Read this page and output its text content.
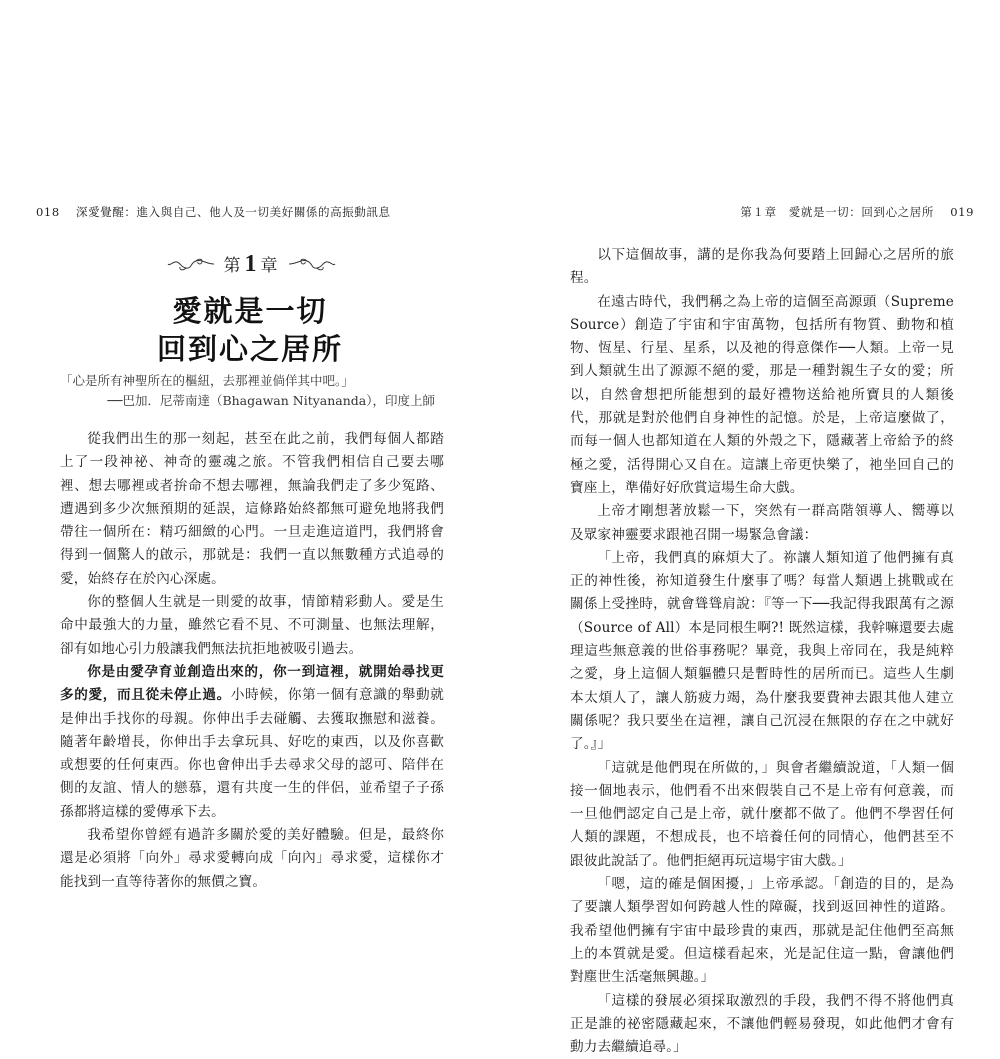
018 深愛覺醒：進入與自己、他人及一切美好關係的高振動訊息
第 1 章
愛就是一切
回到心之居所
「心是所有神聖所在的樞紐，去那裡並倘佯其中吧。」
──巴加．尼蒂南達（Bhagawan Nityananda），印度上師

從我們出生的那一刻起，甚至在此之前，我們每個人都踏上了一段神祕、神奇的靈魂之旅。不管我們相信自己要去哪裡、想去哪裡或者拚命不想去哪裡，無論我們走了多少冤路、遭遇到多少次無預期的延誤，這條路始終都無可避免地將我們帶往一個所在：精巧細緻的心門。一旦走進這道門，我們將會得到一個驚人的啟示，那就是：我們一直以無數種方式追尋的愛，始終存在於內心深處。

你的整個人生就是一則愛的故事，情節精彩動人。愛是生命中最強大的力量，雖然它看不見、不可測量、也無法理解，卻有如地心引力般讓我們無法抗拒地被吸引過去。

你是由愛孕育並創造出來的，你一到這裡，就開始尋找更多的愛，而且從未停止過。小時候，你第一個有意識的舉動就是伸出手找你的母親。你伸出手去碰觸、去獲取撫慰和滋養。隨著年齡增長，你伸出手去拿玩具、好吃的東西，以及你喜歡或想要的任何東西。你也會伸出手去尋求父母的認可、陪伴在側的友誼、情人的戀慕，還有共度一生的伴侶，並希望子子孫孫都將這樣的愛傳承下去。

我希望你曾經有過許多關於愛的美好體驗。但是，最終你還是必須將「向外」尋求愛轉向成「向內」尋求愛，這樣你才能找到一直等待著你的無價之寶。

第１章　愛就是一切：回到心之居所 019

以下這個故事，講的是你我為何要踏上回歸心之居所的旅程。

在遠古時代，我們稱之為上帝的這個至高源頭（Supreme Source）創造了宇宙和宇宙萬物，包括所有物質、動物和植物、恆星、行星、星系，以及祂的得意傑作──人類。上帝一見到人類就生出了源源不絕的愛，那是一種對親生子女的愛；所以，自然會想把所能想到的最好禮物送給祂所寶貝的人類後代，那就是對於他們自身神性的記憶。於是，上帝這麼做了，而每一個人也都知道在人類的外殼之下，隱藏著上帝給予的終極之愛，活得開心又自在。這讓上帝更快樂了，祂坐回自己的寶座上，準備好好欣賞這場生命大戲。

上帝才剛想著放鬆一下，突然有一群高階領導人、嚮導以及眾家神靈要求跟祂召開一場緊急會議：

「上帝，我們真的麻煩大了。祢讓人類知道了他們擁有真正的神性後，祢知道發生什麼事了嗎？每當人類遇上挑戰或在關係上受挫時，就會聳聳肩說：『等一下──我記得我跟萬有之源（Source of All）本是同根生啊?! 既然這樣，我幹嘛還要去處理這些無意義的世俗事務呢？畢竟，我與上帝同在，我是純粹之愛，身上這個人類軀體只是暫時性的居所而已。這些人生劇本太煩人了，讓人筋疲力竭，為什麼我要費神去跟其他人建立關係呢？我只要坐在這裡，讓自己沉浸在無限的存在之中就好了。』」

「這就是他們現在所做的，」與會者繼續說道，「人類一個接一個地表示，他們看不出來假裝自己不是上帝有何意義，而一旦他們認定自己是上帝，就什麼都不做了。他們不學習任何人類的課題，不想成長，也不培養任何的同情心，他們甚至不跟彼此說話了。他們拒絕再玩這場宇宙大戲。」

「嗯，這的確是個困擾，」上帝承認。「創造的目的，是為了要讓人類學習如何跨越人性的障礙，找到返回神性的道路。我希望他們擁有宇宙中最珍貴的東西，那就是記住他們至高無上的本質就是愛。但這樣看起來，光是記住這一點，會讓他們對塵世生活毫無興趣。」

「這樣的發展必須採取激烈的手段，我們不得不將他們真正是誰的祕密隱藏起來，不讓他們輕易發現，如此他們才會有動力去繼續追尋。」
